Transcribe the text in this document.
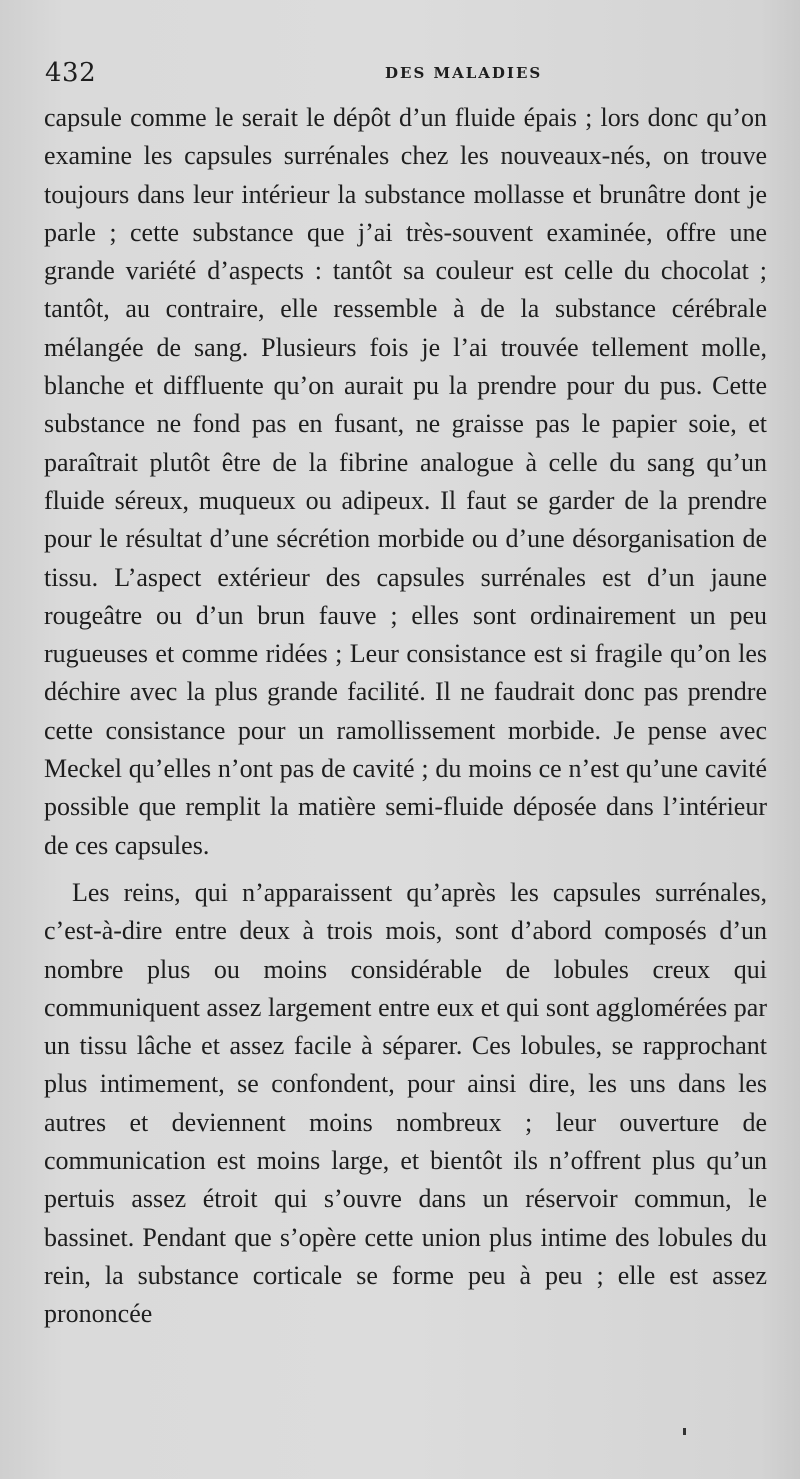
432	DES MALADIES

capsule comme le serait le dépôt d’un fluide épais ; lors donc qu’on examine les capsules surrénales chez les nouveaux-nés, on trouve toujours dans leur intérieur la substance mollasse et brunâtre dont je parle ; cette substance que j’ai très-souvent examinée, offre une grande variété d’aspects : tantôt sa couleur est celle du chocolat ; tantôt, au contraire, elle ressemble à de la substance cérébrale mélangée de sang. Plusieurs fois je l’ai trouvée tellement molle, blanche et diffluente qu’on aurait pu la prendre pour du pus. Cette substance ne fond pas en fusant, ne graisse pas le papier soie, et paraîtrait plutôt être de la fibrine analogue à celle du sang qu’un fluide séreux, muqueux ou adipeux. Il faut se garder de la prendre pour le résultat d’une sécrétion morbide ou d’une désorganisation de tissu. L’aspect extérieur des capsules surrénales est d’un jaune rougeâtre ou d’un brun fauve ; elles sont ordinairement un peu rugueuses et comme ridées ; Leur consistance est si fragile qu’on les déchire avec la plus grande facilité. Il ne faudrait donc pas prendre cette consistance pour un ramollissement morbide. Je pense avec Meckel qu’elles n’ont pas de cavité ; du moins ce n’est qu’une cavité possible que remplit la matière semi-fluide déposée dans l’intérieur de ces capsules.

Les reins, qui n’apparaissent qu’après les capsules surrénales, c’est-à-dire entre deux à trois mois, sont d’abord composés d’un nombre plus ou moins considérable de lobules creux qui communiquent assez largement entre eux et qui sont agglomérées par un tissu lâche et assez facile à séparer. Ces lobules, se rapprochant plus intimement, se confondent, pour ainsi dire, les uns dans les autres et deviennent moins nombreux ; leur ouverture de communication est moins large, et bientôt ils n’offrent plus qu’un pertuis assez étroit qui s’ouvre dans un réservoir commun, le bassinet. Pendant que s’opère cette union plus intime des lobules du rein, la substance corticale se forme peu à peu ; elle est assez prononcée
